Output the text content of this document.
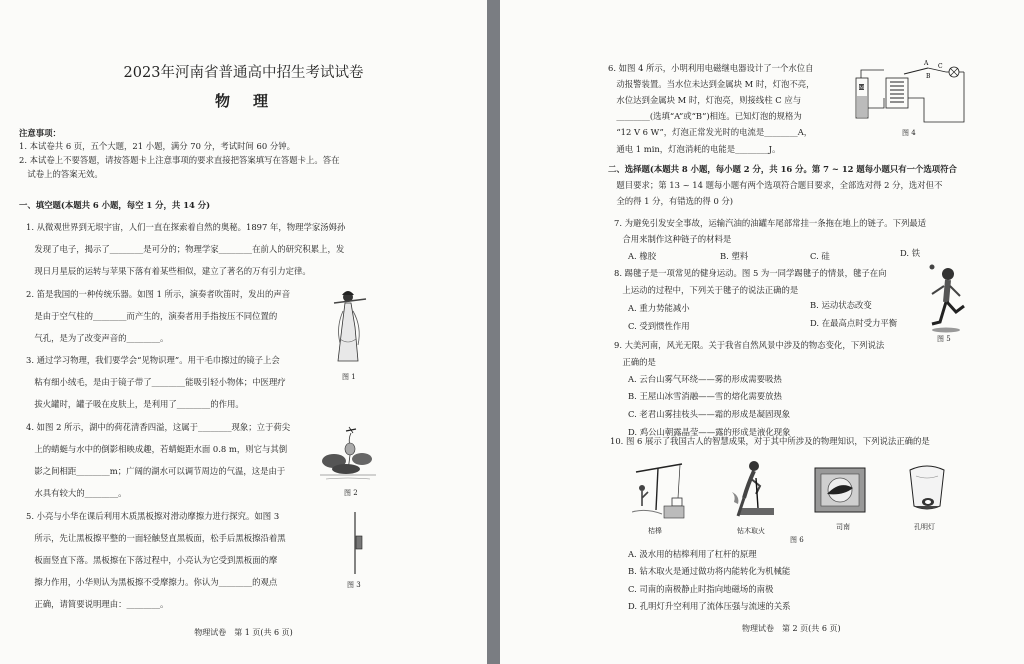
2023年河南省普通高中招生考试试卷
物　理
注意事项：
1. 本试卷共 6 页，五个大题，21 小题，满分 70 分，考试时间 60 分钟。
2. 本试卷上不要答题，请按答题卡上注意事项的要求直接把答案填写在答题卡上。答在
　试卷上的答案无效。
一、填空题(本题共 6 小题，每空 1 分，共 14 分)
1. 从微观世界到无垠宇宙，人们一直在探索着自然的奥秘。1897 年，物理学家汤姆孙
　发现了电子，揭示了________是可分的；物理学家________在前人的研究积累上，发
　现日月星辰的运转与苹果下落有着某些相似，建立了著名的万有引力定律。
2. 笛是我国的一种传统乐器。如图 1 所示，演奏者吹笛时，发出的声音
　是由于空气柱的________而产生的，演奏者用手指按压不同位置的
　气孔，是为了改变声音的________。
图 1
3. 通过学习物理，我们要学会“见物识理”。用干毛巾擦过的镜子上会
　粘有细小绒毛，是由于镜子带了________能吸引轻小物体；中医理疗
　拔火罐时，罐子吸在皮肤上，是利用了________的作用。
4. 如图 2 所示，湖中的荷花清香四溢，这属于________现象；立于荷尖
　上的蜻蜓与水中的倒影相映成趣，若蜻蜓距水面 0.8 m，则它与其倒
　影之间相距________m；广阔的湖水可以调节周边的气温，这是由于
　水具有较大的________。	图 2
5. 小亮与小华在课后利用木质黑板擦对滑动摩擦力进行探究。如图 3
　所示，先让黑板擦平整的一面轻触竖直黑板面，松手后黑板擦沿着黑
　板面竖直下落。黑板擦在下落过程中，小亮认为它受到黑板面的摩
　擦力作用，小华则认为黑板擦不受摩擦力。你认为________的观点
　正确，请简要说明理由：________。
图 3
物理试卷　第 1 页(共 6 页)
6. 如图 4 所示，小明利用电磁继电器设计了一个水位自
　动报警装置。当水位未达到金属块 M 时，灯泡不亮，
　水位达到金属块 M 时，灯泡亮，则接线柱 C 应与
　________(选填“A”或“B”)相连。已知灯泡的规格为
　“12 V 6 W”，灯泡正常发光时的电流是________A，
　通电 1 min，灯泡消耗的电能是________J。
A
B
C
M
图 4
二、选择题(本题共 8 小题，每小题 2 分，共 16 分。第 7 ~ 12 题每小题只有一个选项符合
　题目要求；第 13 ~ 14 题每小题有两个选项符合题目要求，全部选对得 2 分，选对但不
　全的得 1 分，有错选的得 0 分)
7. 为避免引发安全事故，运输汽油的油罐车尾部常挂一条拖在地上的链子。下列最适
　合用来制作这种链子的材料是
A. 橡胶	B. 塑料	C. 硅	D. 铁
8. 踢毽子是一项常见的健身运动。图 5 为一同学踢毽子的情景，毽子在向
　上运动的过程中，下列关于毽子的说法正确的是
A. 重力势能减小	B. 运动状态改变
C. 受到惯性作用	D. 在最高点时受力平衡
图 5
9. 大美河南，风光无限。关于我省自然风景中涉及的物态变化，下列说法
　正确的是
A. 云台山雾气环绕——雾的形成需要吸热
B. 王屋山冰雪消融——雪的熔化需要放热
C. 老君山雾挂枝头——霜的形成是凝固现象
D. 鸡公山朝露晶莹——露的形成是液化现象
10. 图 6 展示了我国古人的智慧成果，对于其中所涉及的物理知识，下列说法正确的是
桔槔	钻木取火	司南	孔明灯
图 6
A. 汲水用的桔槔利用了杠杆的原理
B. 钻木取火是通过做功将内能转化为机械能
C. 司南的南极静止时指向地磁场的南极
D. 孔明灯升空利用了流体压强与流速的关系
物理试卷　第 2 页(共 6 页)
